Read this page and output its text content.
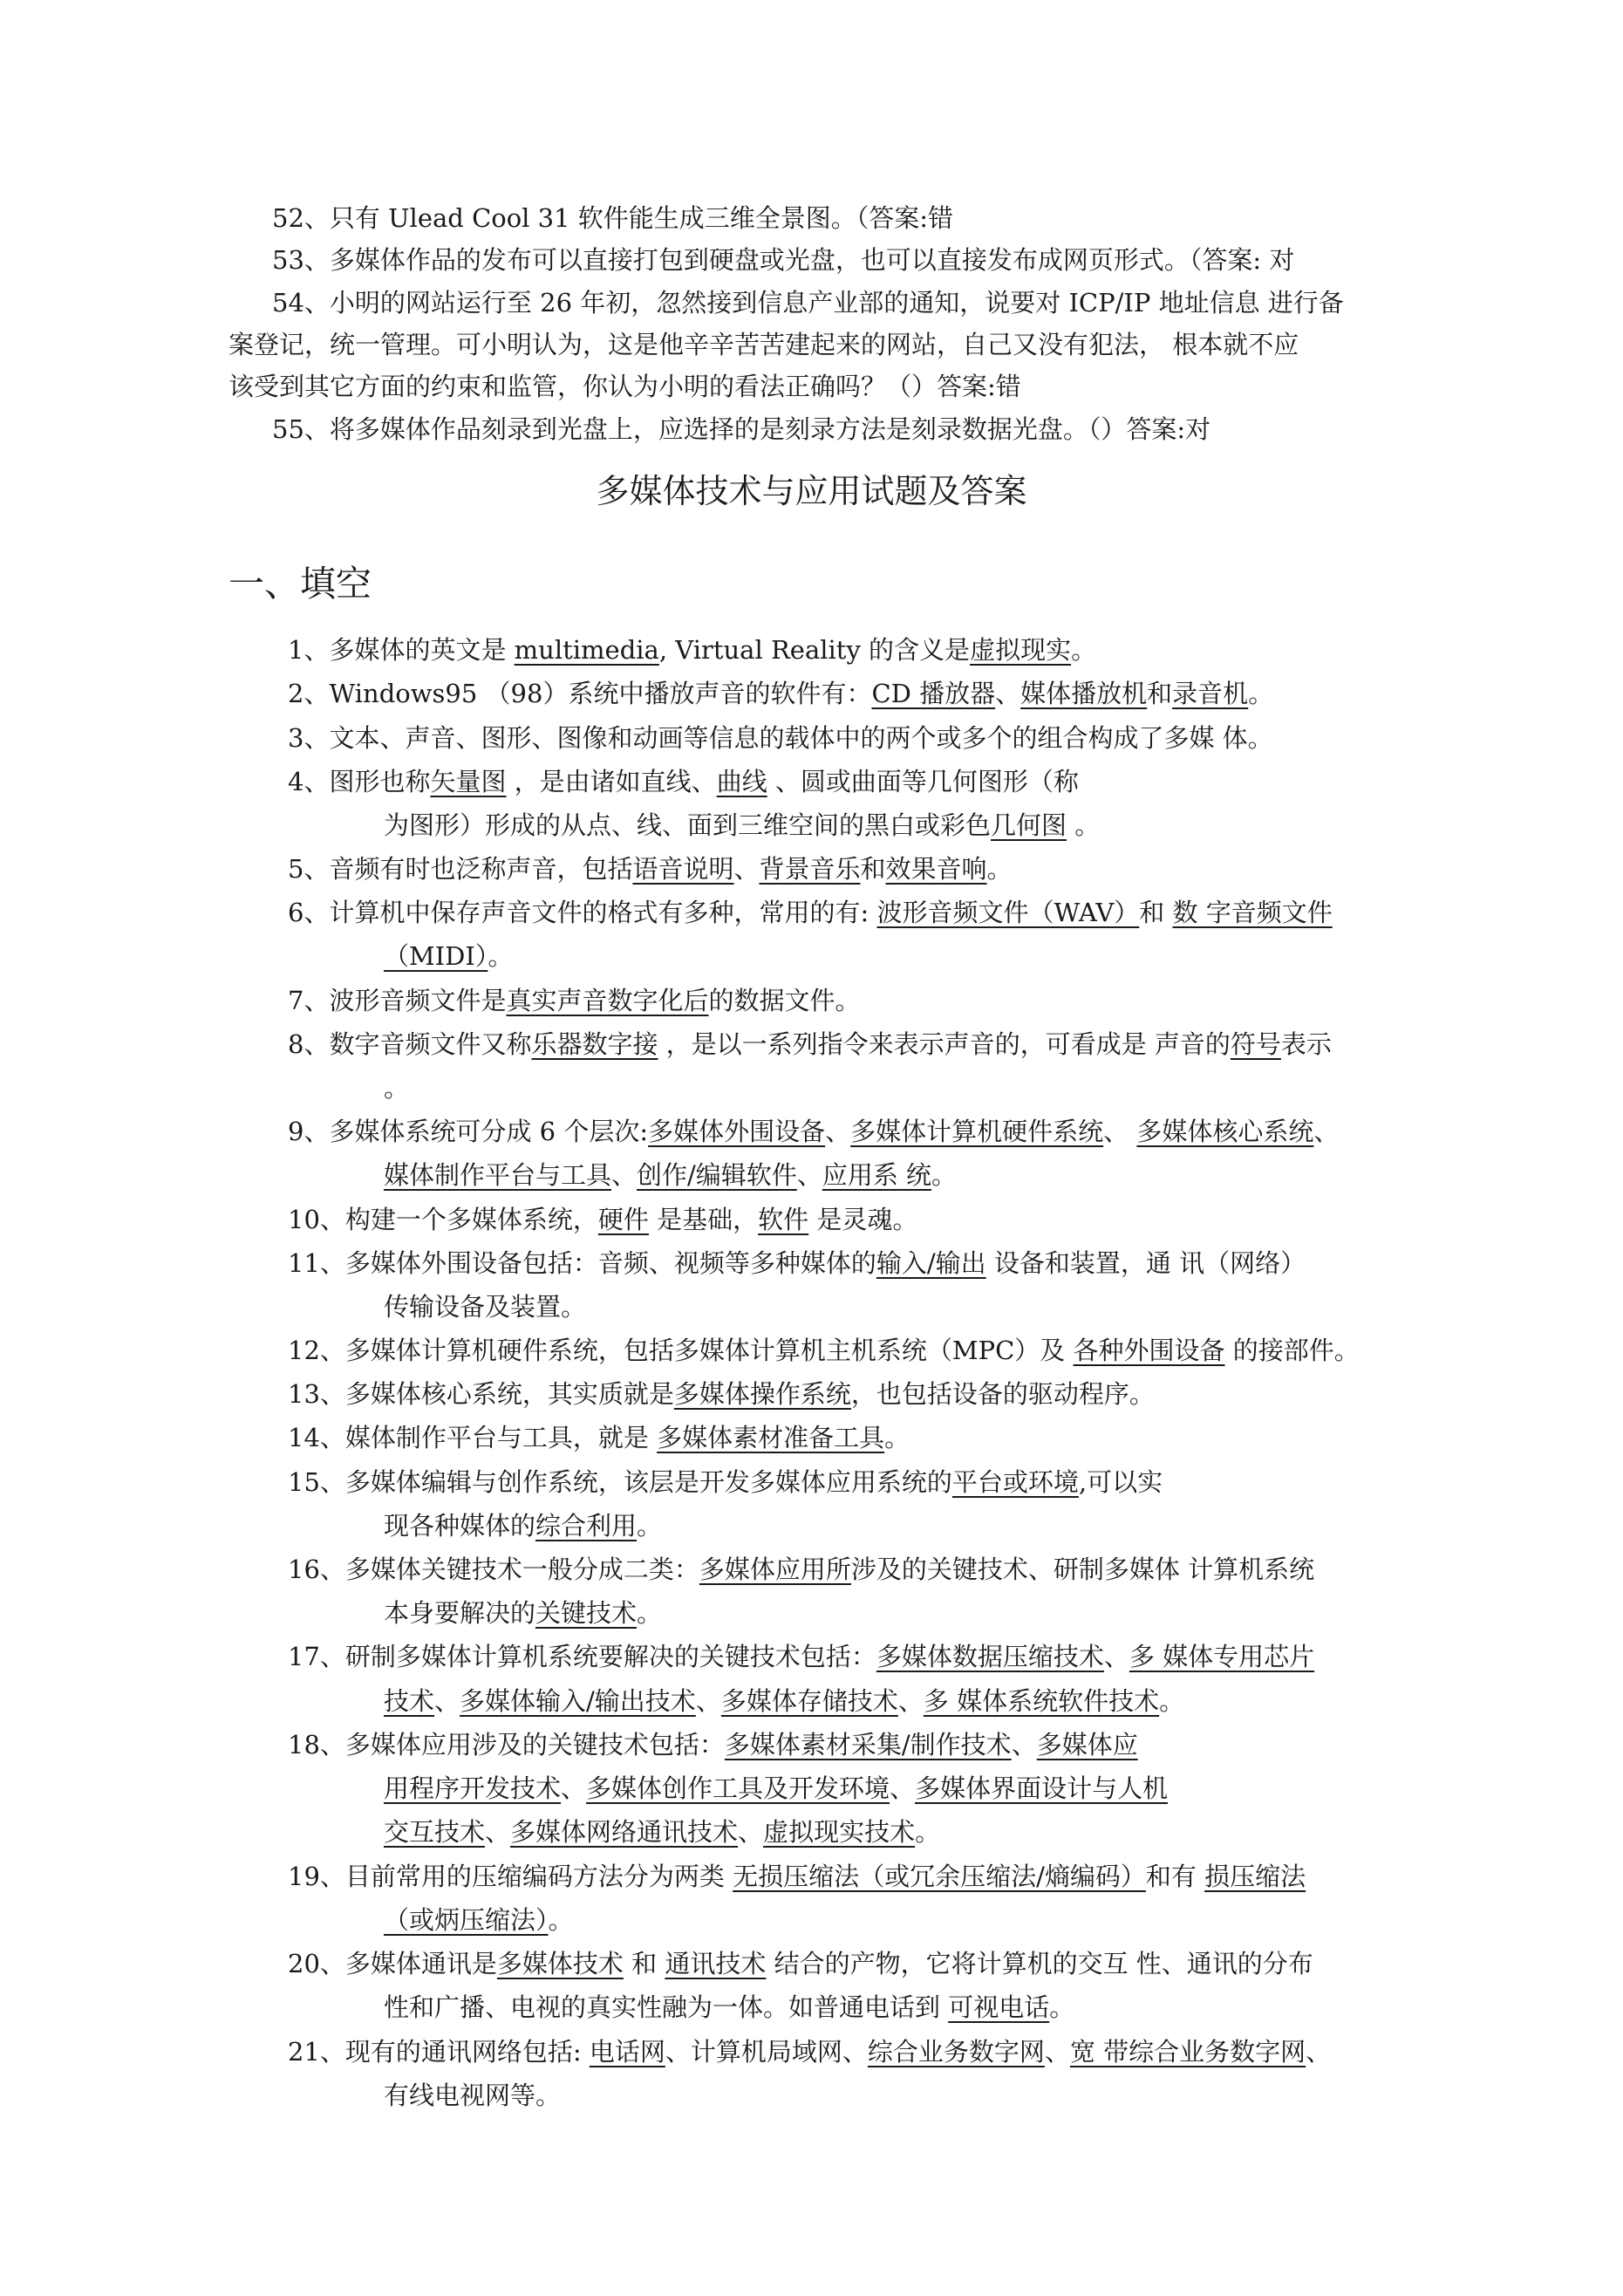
52、只有 Ulead Cool 31 软件能生成三维全景图。（答案:错
53、多媒体作品的发布可以直接打包到硬盘或光盘，也可以直接发布成网页形式。（答案: 对
54、小明的网站运行至 26 年初，忽然接到信息产业部的通知，说要对 ICP/IP 地址信息 进行备
案登记，统一管理。可小明认为，这是他辛辛苦苦建起来的网站，自己又没有犯法， 根本就不应
该受到其它方面的约束和监管，你认为小明的看法正确吗？（）答案:错
55、将多媒体作品刻录到光盘上，应选择的是刻录方法是刻录数据光盘。（）答案:对
多媒体技术与应用试题及答案
一、填空
1、多媒体的英文是 multimedia, Virtual Reality 的含义是虚拟现实。
2、Windows95 （98）系统中播放声音的软件有：CD 播放器、媒体播放机和录音机。
3、文本、声音、图形、图像和动画等信息的载体中的两个或多个的组合构成了多媒 体。
4、图形也称矢量图 ，是由诸如直线、曲线 、圆或曲面等几何图形（称
为图形）形成的从点、线、面到三维空间的黑白或彩色几何图 。
5、音频有时也泛称声音，包括语音说明、背景音乐和效果音响。
6、计算机中保存声音文件的格式有多种，常用的有: 波形音频文件（WAV）和 数 字音频文件
（MIDI）。
7、波形音频文件是真实声音数字化后的数据文件。
8、数字音频文件又称乐器数字接 ，是以一系列指令来表示声音的，可看成是 声音的符号表示
。
9、多媒体系统可分成 6 个层次:多媒体外围设备、多媒体计算机硬件系统、 多媒体核心系统、
媒体制作平台与工具、创作/编辑软件、应用系 统。
10、构建一个多媒体系统，硬件 是基础，软件 是灵魂。
11、多媒体外围设备包括：音频、视频等多种媒体的输入/输出 设备和装置，通 讯（网络）
传输设备及装置。
12、多媒体计算机硬件系统，包括多媒体计算机主机系统（MPC）及 各种外围设备 的接部件。
13、多媒体核心系统，其实质就是多媒体操作系统，也包括设备的驱动程序。
14、媒体制作平台与工具，就是 多媒体素材准备工具。
15、多媒体编辑与创作系统，该层是开发多媒体应用系统的平台或环境,可以实
现各种媒体的综合利用。
16、多媒体关键技术一般分成二类：多媒体应用所涉及的关键技术、研制多媒体 计算机系统
本身要解决的关键技术。
17、研制多媒体计算机系统要解决的关键技术包括：多媒体数据压缩技术、多 媒体专用芯片
技术、多媒体输入/输出技术、多媒体存储技术、多 媒体系统软件技术。
18、多媒体应用涉及的关键技术包括：多媒体素材采集/制作技术、多媒体应
用程序开发技术、多媒体创作工具及开发环境、多媒体界面设计与人机
交互技术、多媒体网络通讯技术、虚拟现实技术。
19、目前常用的压缩编码方法分为两类 无损压缩法（或冗余压缩法/熵编码）和有 损压缩法
（或炳压缩法）。
20、多媒体通讯是多媒体技术 和 通讯技术 结合的产物，它将计算机的交互 性、通讯的分布
性和广播、电视的真实性融为一体。如普通电话到 可视电话。
21、现有的通讯网络包括: 电话网、计算机局域网、综合业务数字网、宽 带综合业务数字网、
有线电视网等。
